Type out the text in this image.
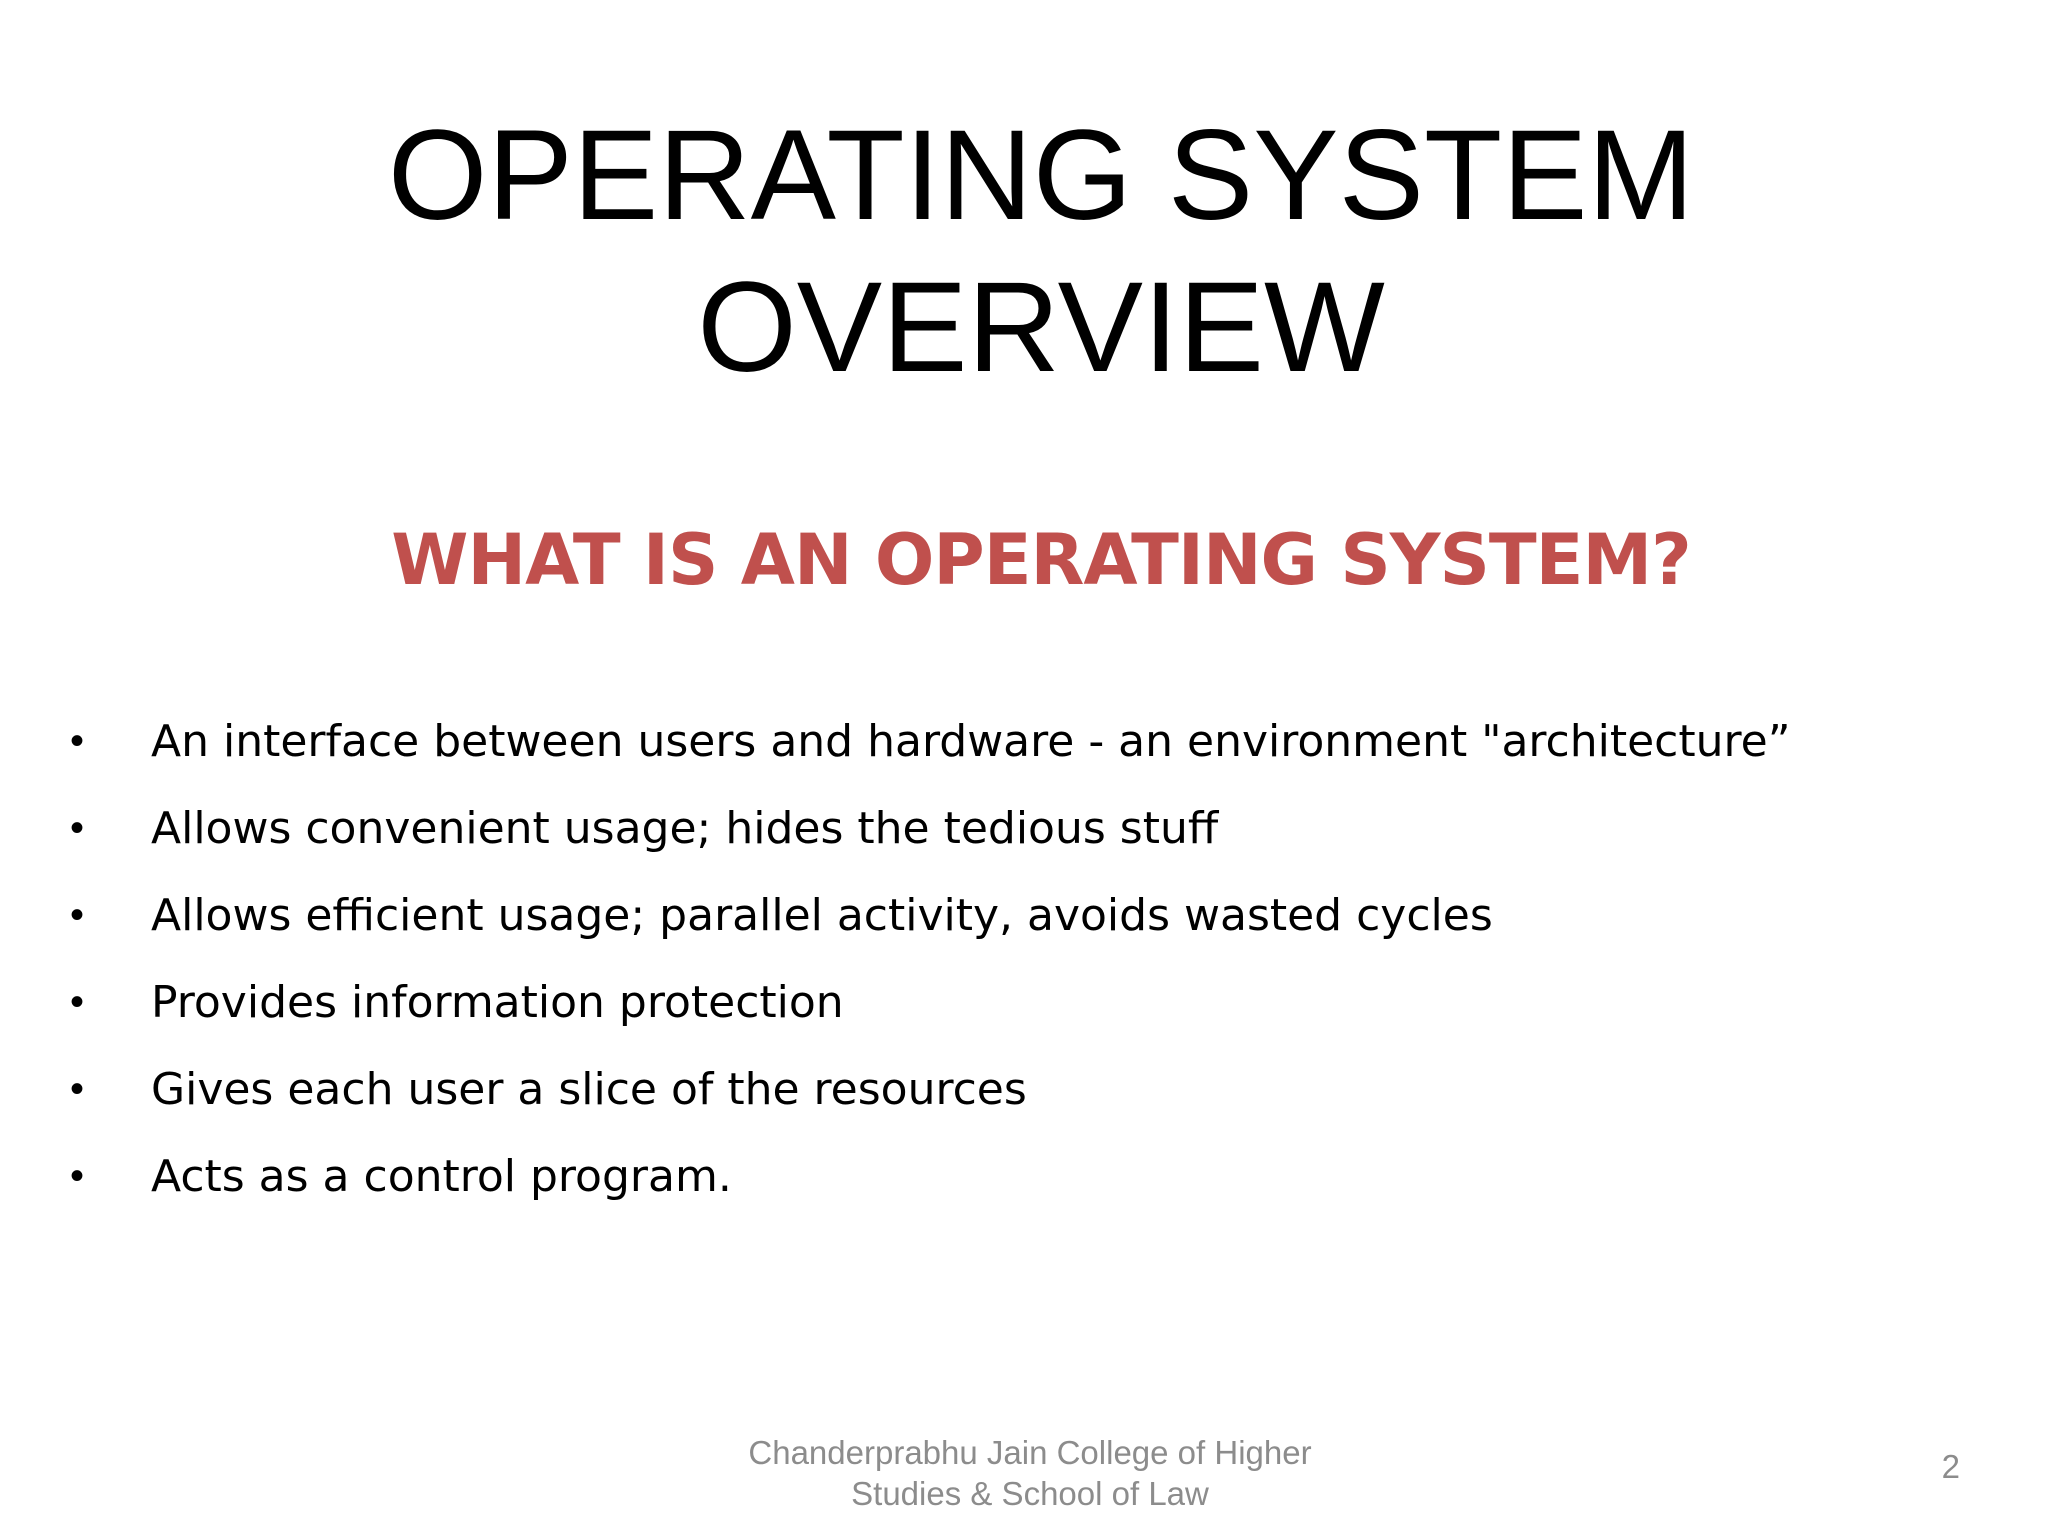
OPERATING SYSTEM
OVERVIEW
WHAT IS AN OPERATING SYSTEM?
•	An interface between users and hardware - an environment "architecture”
•	Allows convenient usage; hides the tedious stuff
•	Allows efficient usage; parallel activity, avoids wasted cycles
•	Provides information protection
•	Gives each user a slice of the resources
•	Acts as a control program.
Chanderprabhu Jain College of Higher
Studies & School of Law
2
